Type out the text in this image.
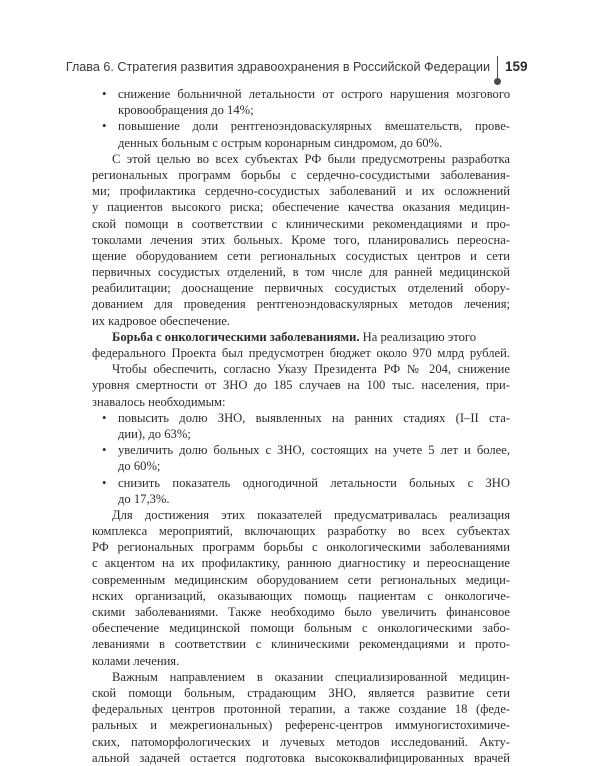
Глава 6. Стратегия развития здравоохранения в Российской Федерации 159
• снижение больничной летальности от острого нарушения мозгового
кровообращения до 14%;
• повышение доли рентгеноэндоваскулярных вмешательств, прове-
денных больным с острым коронарным синдромом, до 60%.
С этой целью во всех субъектах РФ были предусмотрены разработка
региональных программ борьбы с сердечно-сосудистыми заболевания-
ми; профилактика сердечно-сосудистых заболеваний и их осложнений
у пациентов высокого риска; обеспечение качества оказания медицин-
ской помощи в соответствии с клиническими рекомендациями и про-
токолами лечения этих больных. Кроме того, планировались переосна-
щение оборудованием сети региональных сосудистых центров и сети
первичных сосудистых отделений, в том числе для ранней медицинской
реабилитации; дооснащение первичных сосудистых отделений обору-
дованием для проведения рентгеноэндоваскулярных методов лечения;
их кадровое обеспечение.
Борьба с онкологическими заболеваниями. На реализацию этого
федерального Проекта был предусмотрен бюджет около 970 млрд рублей.
Чтобы обеспечить, согласно Указу Президента РФ № 204, снижение
уровня смертности от ЗНО до 185 случаев на 100 тыс. населения, при-
знавалось необходимым:
• повысить долю ЗНО, выявленных на ранних стадиях (I–II ста-
дии), до 63%;
• увеличить долю больных с ЗНО, состоящих на учете 5 лет и более,
до 60%;
• снизить показатель одногодичной летальности больных с ЗНО
до 17,3%.
Для достижения этих показателей предусматривалась реализация
комплекса мероприятий, включающих разработку во всех субъектах
РФ региональных программ борьбы с онкологическими заболеваниями
с акцентом на их профилактику, раннюю диагностику и переоснащение
современным медицинским оборудованием сети региональных медици-
нских организаций, оказывающих помощь пациентам с онкологиче-
скими заболеваниями. Также необходимо было увеличить финансовое
обеспечение медицинской помощи больным с онкологическими забо-
леваниями в соответствии с клиническими рекомендациями и прото-
колами лечения.
Важным направлением в оказании специализированной медицин-
ской помощи больным, страдающим ЗНО, является развитие сети
федеральных центров протонной терапии, а также создание 18 (феде-
ральных и межрегиональных) референс-центров иммуногистохимиче-
ских, патоморфологических и лучевых методов исследований. Акту-
альной задачей остается подготовка высококвалифицированных врачей
